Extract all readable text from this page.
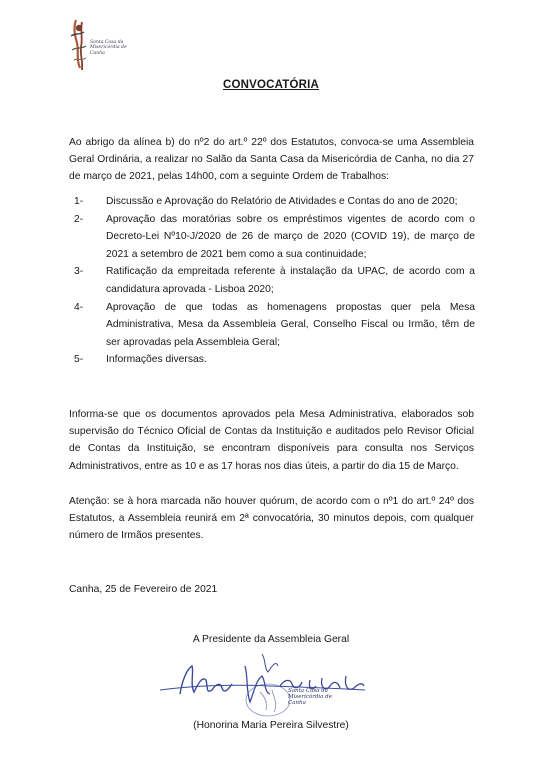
Santa Casa da Misericórdia de Canha
CONVOCATÓRIA
Ao abrigo da alínea b) do nº2 do art.º 22º dos Estatutos, convoca-se uma Assembleia Geral Ordinária, a realizar no Salão da Santa Casa da Misericórdia de Canha, no dia 27 de março de 2021, pelas 14h00, com a seguinte Ordem de Trabalhos:
1- Discussão e Aprovação do Relatório de Atividades e Contas do ano de 2020;
2- Aprovação das moratórias sobre os empréstimos vigentes de acordo com o Decreto-Lei Nº10-J/2020 de 26 de março de 2020 (COVID 19), de março de 2021 a setembro de 2021 bem como a sua continuidade;
3- Ratificação da empreitada referente à instalação da UPAC, de acordo com a candidatura aprovada - Lisboa 2020;
4- Aprovação de que todas as homenagens propostas quer pela Mesa Administrativa, Mesa da Assembleia Geral, Conselho Fiscal ou Irmão, têm de ser aprovadas pela Assembleia Geral;
5- Informações diversas.
Informa-se que os documentos aprovados pela Mesa Administrativa, elaborados sob supervisão do Técnico Oficial de Contas da Instituição e auditados pelo Revisor Oficial de Contas da Instituição, se encontram disponíveis para consulta nos Serviços Administrativos, entre as 10 e as 17 horas nos dias úteis, a partir do dia 15 de Março.
Atenção: se à hora marcada não houver quórum, de acordo com o nº1 do art.º 24º dos Estatutos, a Assembleia reunirá em 2ª convocatória, 30 minutos depois, com qualquer número de Irmãos presentes.
Canha, 25 de Fevereiro de 2021
A Presidente da Assembleia Geral
Santa Casa da Misericórdia de Canha
(Honorina Maria Pereira Silvestre)
